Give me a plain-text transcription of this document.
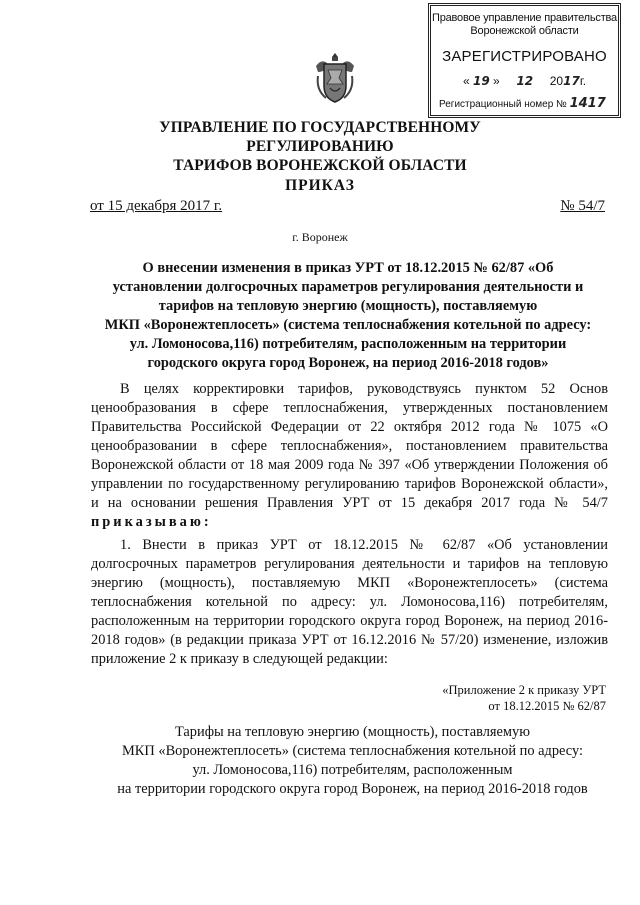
Правовое управление правительства
Воронежской области
ЗАРЕГИСТРИРОВАНО
« 19 » 12 2017г.
Регистрационный номер № 1417
УПРАВЛЕНИЕ ПО ГОСУДАРСТВЕННОМУ РЕГУЛИРОВАНИЮ
ТАРИФОВ ВОРОНЕЖСКОЙ ОБЛАСТИ
ПРИКАЗ
от 15 декабря 2017 г.	№ 54/7
г. Воронеж
О внесении изменения в приказ УРТ от 18.12.2015 № 62/87 «Об
установлении долгосрочных параметров регулирования деятельности и
тарифов на тепловую энергию (мощность), поставляемую
МКП «Воронежтеплосеть» (система теплоснабжения котельной по адресу:
ул. Ломоносова,116) потребителям, расположенным на территории
городского округа город Воронеж, на период 2016-2018 годов»
В целях корректировки тарифов, руководствуясь пунктом 52 Основ ценообразования в сфере теплоснабжения, утвержденных постановлением Правительства Российской Федерации от 22 октября 2012 года № 1075 «О ценообразовании в сфере теплоснабжения», постановлением правительства Воронежской области от 18 мая 2009 года № 397 «Об утверждении Положения об управлении по государственному регулированию тарифов Воронежской области», и на основании решения Правления УРТ от 15 декабря 2017 года № 54/7 приказываю:
1. Внести в приказ УРТ от 18.12.2015 № 62/87 «Об установлении долгосрочных параметров регулирования деятельности и тарифов на тепловую энергию (мощность), поставляемую МКП «Воронежтеплосеть» (система теплоснабжения котельной по адресу: ул. Ломоносова,116) потребителям, расположенным на территории городского округа город Воронеж, на период 2016-2018 годов» (в редакции приказа УРТ от 16.12.2016 № 57/20) изменение, изложив приложение 2 к приказу в следующей редакции:
«Приложение 2 к приказу УРТ
от 18.12.2015 № 62/87
Тарифы на тепловую энергию (мощность), поставляемую
МКП «Воронежтеплосеть» (система теплоснабжения котельной по адресу:
ул. Ломоносова,116) потребителям, расположенным
на территории городского округа город Воронеж, на период 2016-2018 годов
